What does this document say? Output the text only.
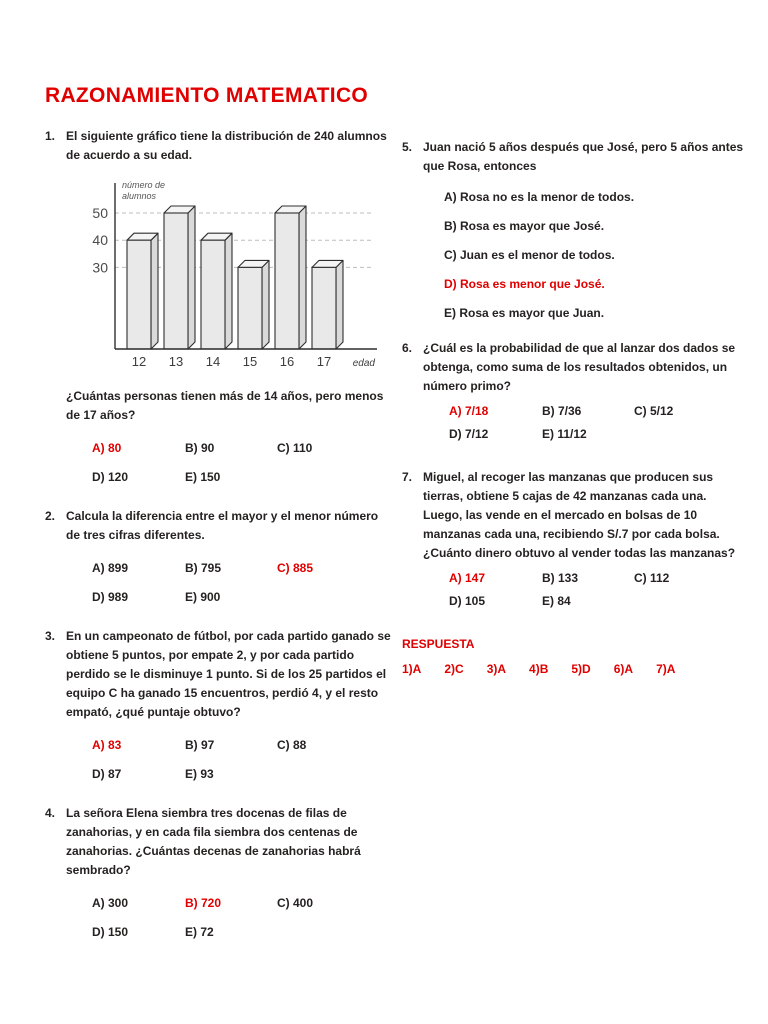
RAZONAMIENTO MATEMATICO
1. El siguiente gráfico tiene la distribución de 240 alumnos de acuerdo a su edad.
30
40
50
12 13 14 15 16 17
número de
alumnos
edad
¿Cuántas personas tienen más de 14 años, pero menos de 17 años?
A) 80	B) 90	C) 110
D) 120	E) 150
2. Calcula la diferencia entre el mayor y el menor número de tres cifras diferentes.
A) 899	B) 795	C) 885
D) 989	E) 900
3. En un campeonato de fútbol, por cada partido ganado se obtiene 5 puntos, por empate 2, y por cada partido perdido se le disminuye 1 punto. Si de los 25 partidos el equipo C ha ganado 15 encuentros, perdió 4, y el resto empató, ¿qué puntaje obtuvo?
A) 83	B) 97	C) 88
D) 87	E) 93
4. La señora Elena siembra tres docenas de filas de zanahorias, y en cada fila siembra dos centenas de zanahorias. ¿Cuántas decenas de zanahorias habrá sembrado?
A) 300	B) 720	C) 400
D) 150	E) 72
5. Juan nació 5 años después que José, pero 5 años antes que Rosa, entonces
A) Rosa no es la menor de todos.
B) Rosa es mayor que José.
C) Juan es el menor de todos.
D) Rosa es menor que José.
E) Rosa es mayor que Juan.
6. ¿Cuál es la probabilidad de que al lanzar dos dados se obtenga, como suma de los resultados obtenidos, un número primo?
A) 7/18	B) 7/36	C) 5/12
D) 7/12	E) 11/12
7. Miguel, al recoger las manzanas que producen sus tierras, obtiene 5 cajas de 42 manzanas cada una. Luego, las vende en el mercado en bolsas de 10 manzanas cada una, recibiendo S/.7 por cada bolsa. ¿Cuánto dinero obtuvo al vender todas las manzanas?
A) 147	B) 133	C) 112
D) 105	E) 84
RESPUESTA
1)A 2)C 3)A 4)B 5)D 6)A 7)A
